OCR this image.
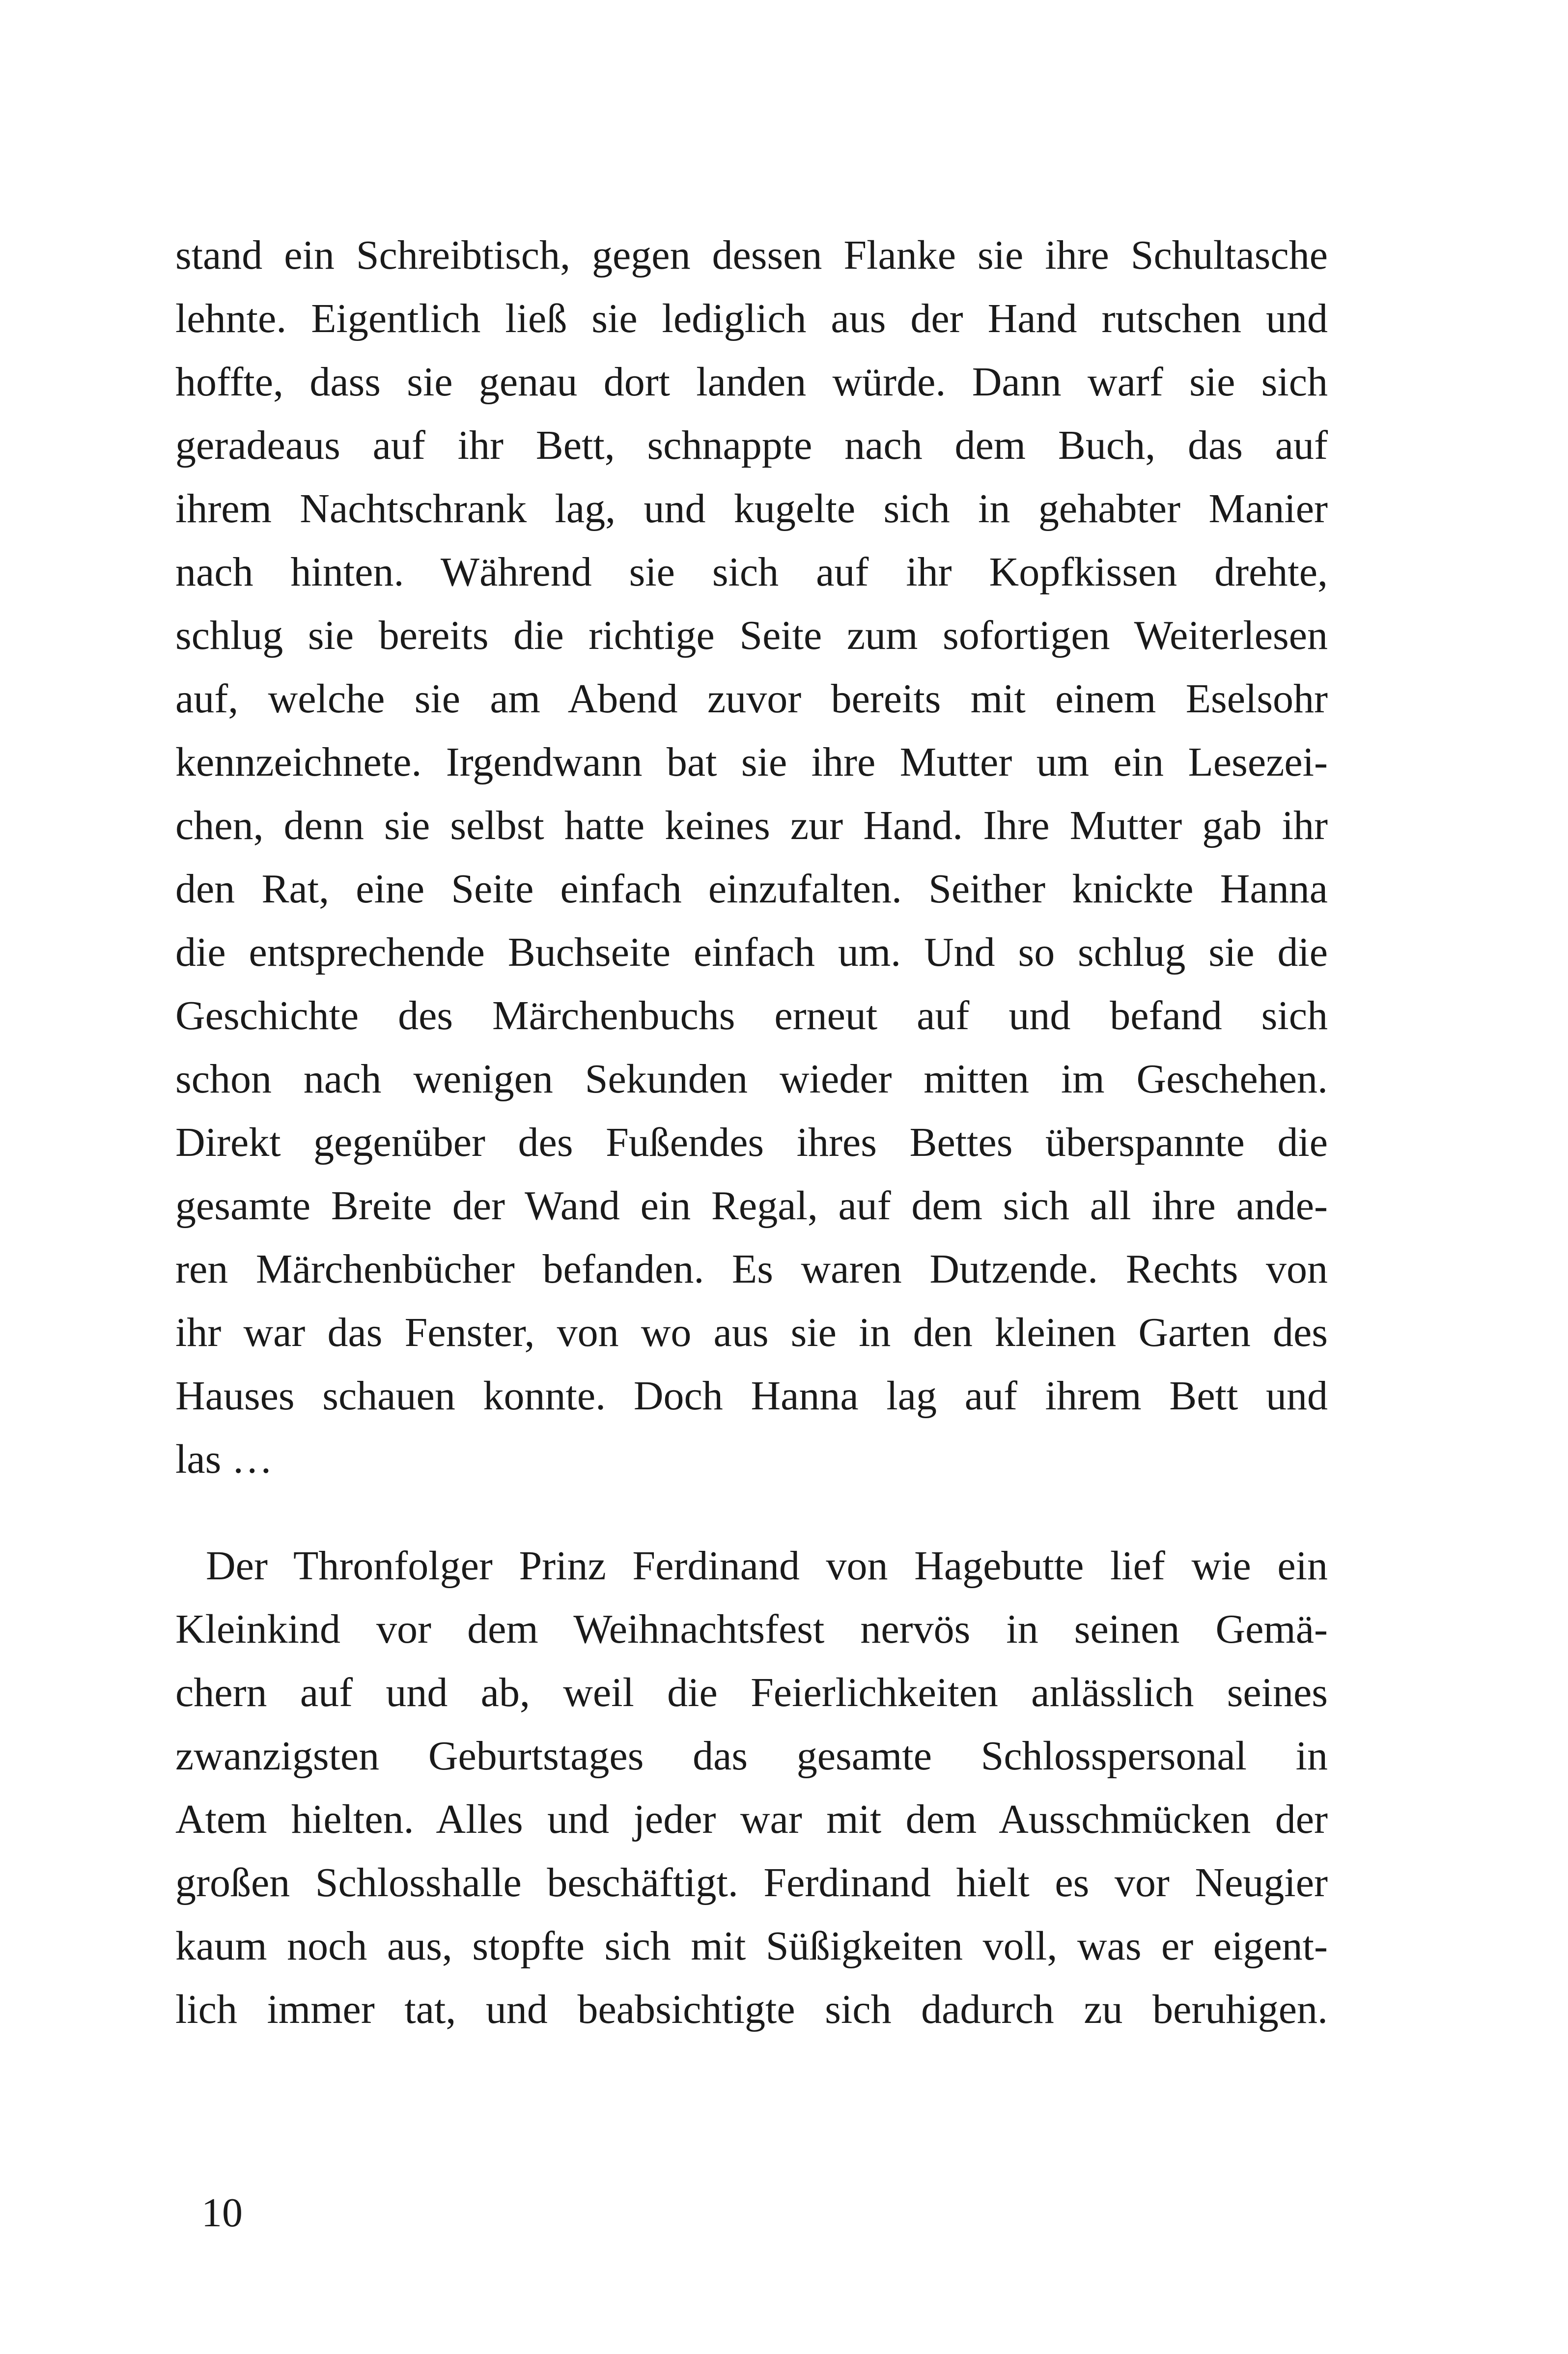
stand ein Schreibtisch, gegen dessen Flanke sie ihre Schultasche
lehnte. Eigentlich ließ sie lediglich aus der Hand rutschen und
hoffte, dass sie genau dort landen würde. Dann warf sie sich
geradeaus auf ihr Bett, schnappte nach dem Buch, das auf
ihrem Nachtschrank lag, und kugelte sich in gehabter Manier
nach hinten. Während sie sich auf ihr Kopfkissen drehte,
schlug sie bereits die richtige Seite zum sofortigen Weiterlesen
auf, welche sie am Abend zuvor bereits mit einem Eselsohr
kennzeichnete. Irgendwann bat sie ihre Mutter um ein Lesezei-
chen, denn sie selbst hatte keines zur Hand. Ihre Mutter gab ihr
den Rat, eine Seite einfach einzufalten. Seither knickte Hanna
die entsprechende Buchseite einfach um. Und so schlug sie die
Geschichte des Märchenbuchs erneut auf und befand sich
schon nach wenigen Sekunden wieder mitten im Geschehen.
Direkt gegenüber des Fußendes ihres Bettes überspannte die
gesamte Breite der Wand ein Regal, auf dem sich all ihre ande-
ren Märchenbücher befanden. Es waren Dutzende. Rechts von
ihr war das Fenster, von wo aus sie in den kleinen Garten des
Hauses schauen konnte. Doch Hanna lag auf ihrem Bett und
las …
Der Thronfolger Prinz Ferdinand von Hagebutte lief wie ein
Kleinkind vor dem Weihnachtsfest nervös in seinen Gemä-
chern auf und ab, weil die Feierlichkeiten anlässlich seines
zwanzigsten Geburtstages das gesamte Schlosspersonal in
Atem hielten. Alles und jeder war mit dem Ausschmücken der
großen Schlosshalle beschäftigt. Ferdinand hielt es vor Neugier
kaum noch aus, stopfte sich mit Süßigkeiten voll, was er eigent-
lich immer tat, und beabsichtigte sich dadurch zu beruhigen.
10
